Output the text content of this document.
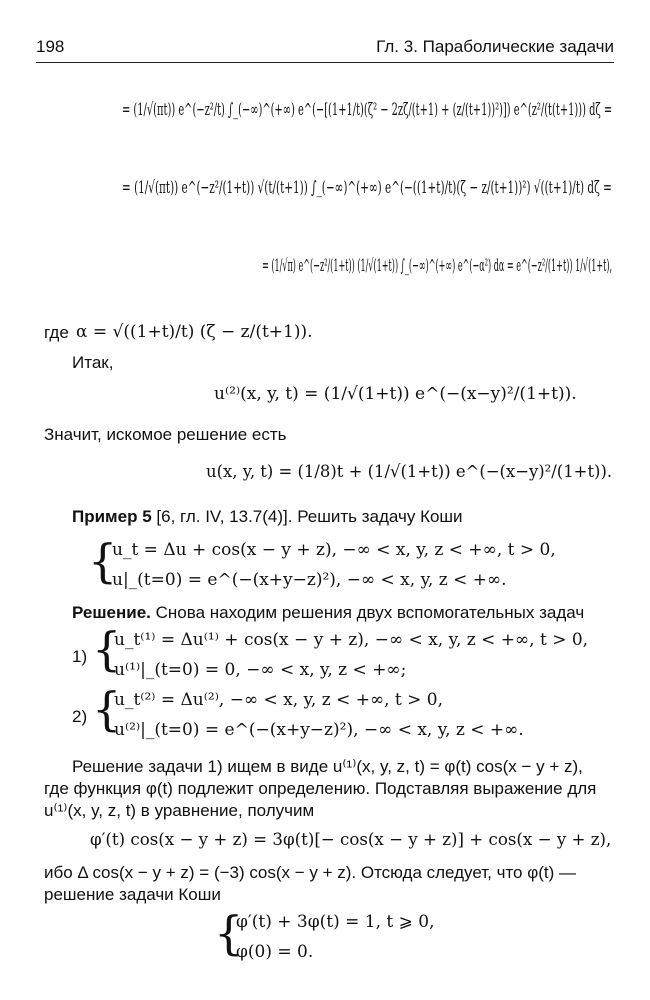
198	Гл. 3. Параболические задачи
= (1/√(πt)) e^(−z²/t) ∫_(−∞)^(+∞) e^(−[(1+1/t)(ζ² − 2zζ/(t+1) + (z/(t+1))²)]) e^(z²/(t(t+1))) dζ =
= (1/√(πt)) e^(−z²/(1+t)) √(t/(t+1)) ∫_(−∞)^(+∞) e^(−((1+t)/t)(ζ − z/(t+1))²) √((t+1)/t) dζ =
= (1/√π) e^(−z²/(1+t)) (1/√(1+t)) ∫_(−∞)^(+∞) e^(−α²) dα = e^(−z²/(1+t)) 1/√(1+t),
где α = √((1+t)/t) (ζ − z/(t+1)).
Итак,
u⁽²⁾(x, y, t) = (1/√(1+t)) e^(−(x−y)²/(1+t)).
Значит, искомое решение есть
u(x, y, t) = (1/8)t + (1/√(1+t)) e^(−(x−y)²/(1+t)).
Пример 5 [6, гл. IV, 13.7(4)]. Решить задачу Коши
{
u_t = Δu + cos(x − y + z), −∞ < x, y, z < +∞, t > 0,
u|_(t=0) = e^(−(x+y−z)²), −∞ < x, y, z < +∞.
Решение. Снова находим решения двух вспомогательных задач
1) {
u_t⁽¹⁾ = Δu⁽¹⁾ + cos(x − y + z), −∞ < x, y, z < +∞, t > 0,
u⁽¹⁾|_(t=0) = 0, −∞ < x, y, z < +∞;
2) {
u_t⁽²⁾ = Δu⁽²⁾, −∞ < x, y, z < +∞, t > 0,
u⁽²⁾|_(t=0) = e^(−(x+y−z)²), −∞ < x, y, z < +∞.
Решение задачи 1) ищем в виде u⁽¹⁾(x, y, z, t) = φ(t) cos(x − y + z),
где функция φ(t) подлежит определению. Подставляя выражение для
u⁽¹⁾(x, y, z, t) в уравнение, получим
φ′(t) cos(x − y + z) = 3φ(t)[− cos(x − y + z)] + cos(x − y + z),
ибо Δ cos(x − y + z) = (−3) cos(x − y + z). Отсюда следует, что φ(t) —
решение задачи Коши
{
φ′(t) + 3φ(t) = 1, t ⩾ 0,
φ(0) = 0.
